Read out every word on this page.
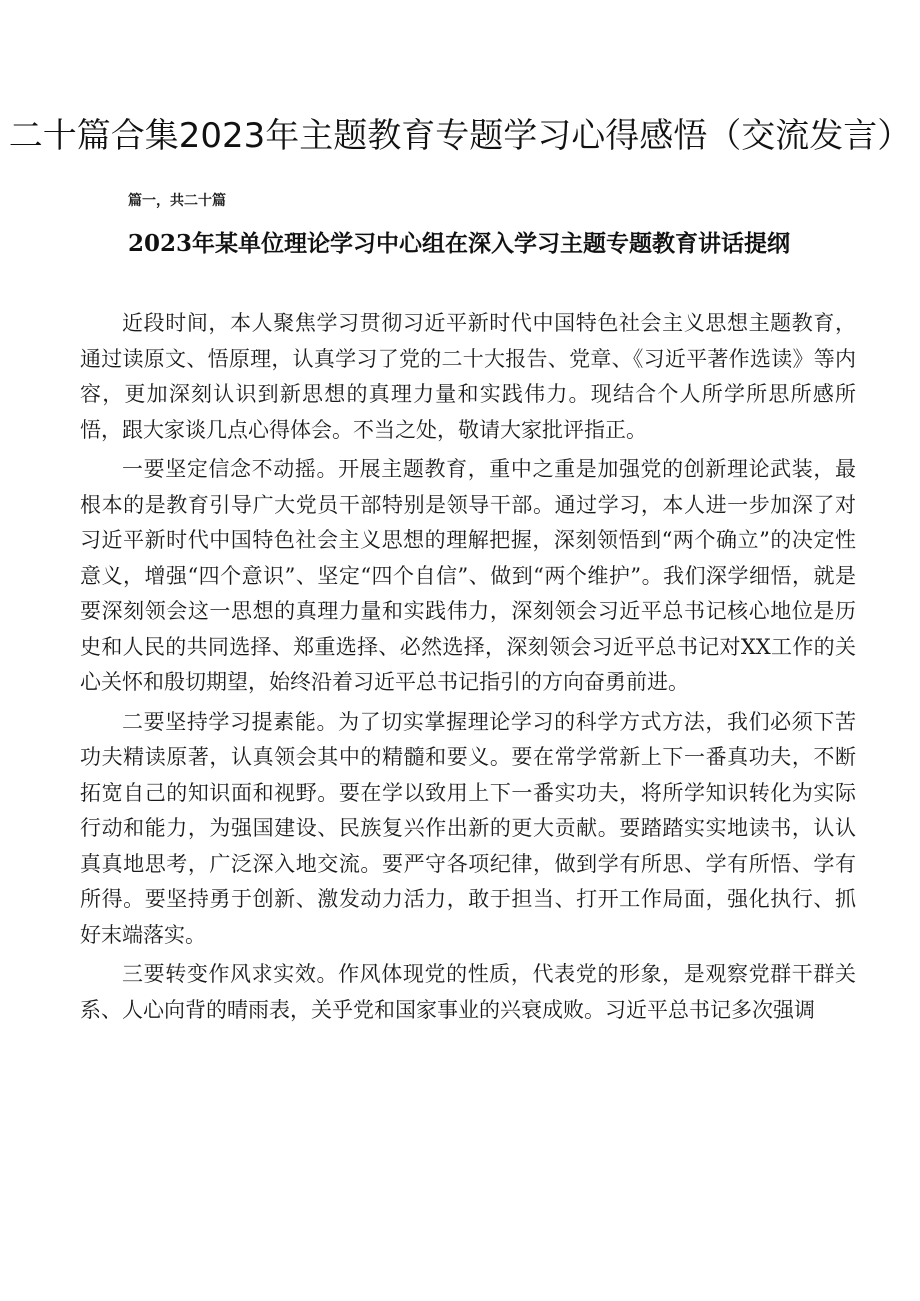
二十篇合集2023年主题教育专题学习心得感悟（交流发言）
篇一，共二十篇
2023年某单位理论学习中心组在深入学习主题专题教育讲话提纲

近段时间，本人聚焦学习贯彻习近平新时代中国特色社会主义思想主题教育，通过读原文、悟原理，认真学习了党的二十大报告、党章、《习近平著作选读》等内容，更加深刻认识到新思想的真理力量和实践伟力。现结合个人所学所思所感所悟，跟大家谈几点心得体会。不当之处，敬请大家批评指正。

一要坚定信念不动摇。开展主题教育，重中之重是加强党的创新理论武装，最根本的是教育引导广大党员干部特别是领导干部。通过学习，本人进一步加深了对习近平新时代中国特色社会主义思想的理解把握，深刻领悟到“两个确立”的决定性意义，增强“四个意识”、坚定“四个自信”、做到“两个维护”。我们深学细悟，就是要深刻领会这一思想的真理力量和实践伟力，深刻领会习近平总书记核心地位是历史和人民的共同选择、郑重选择、必然选择，深刻领会习近平总书记对XX工作的关心关怀和殷切期望，始终沿着习近平总书记指引的方向奋勇前进。

二要坚持学习提素能。为了切实掌握理论学习的科学方式方法，我们必须下苦功夫精读原著，认真领会其中的精髓和要义。要在常学常新上下一番真功夫，不断拓宽自己的知识面和视野。要在学以致用上下一番实功夫，将所学知识转化为实际行动和能力，为强国建设、民族复兴作出新的更大贡献。要踏踏实实地读书，认认真真地思考，广泛深入地交流。要严守各项纪律，做到学有所思、学有所悟、学有所得。要坚持勇于创新、激发动力活力，敢于担当、打开工作局面，强化执行、抓好末端落实。

三要转变作风求实效。作风体现党的性质，代表党的形象，是观察党群干群关系、人心向背的晴雨表，关乎党和国家事业的兴衰成败。习近平总书记多次强调
